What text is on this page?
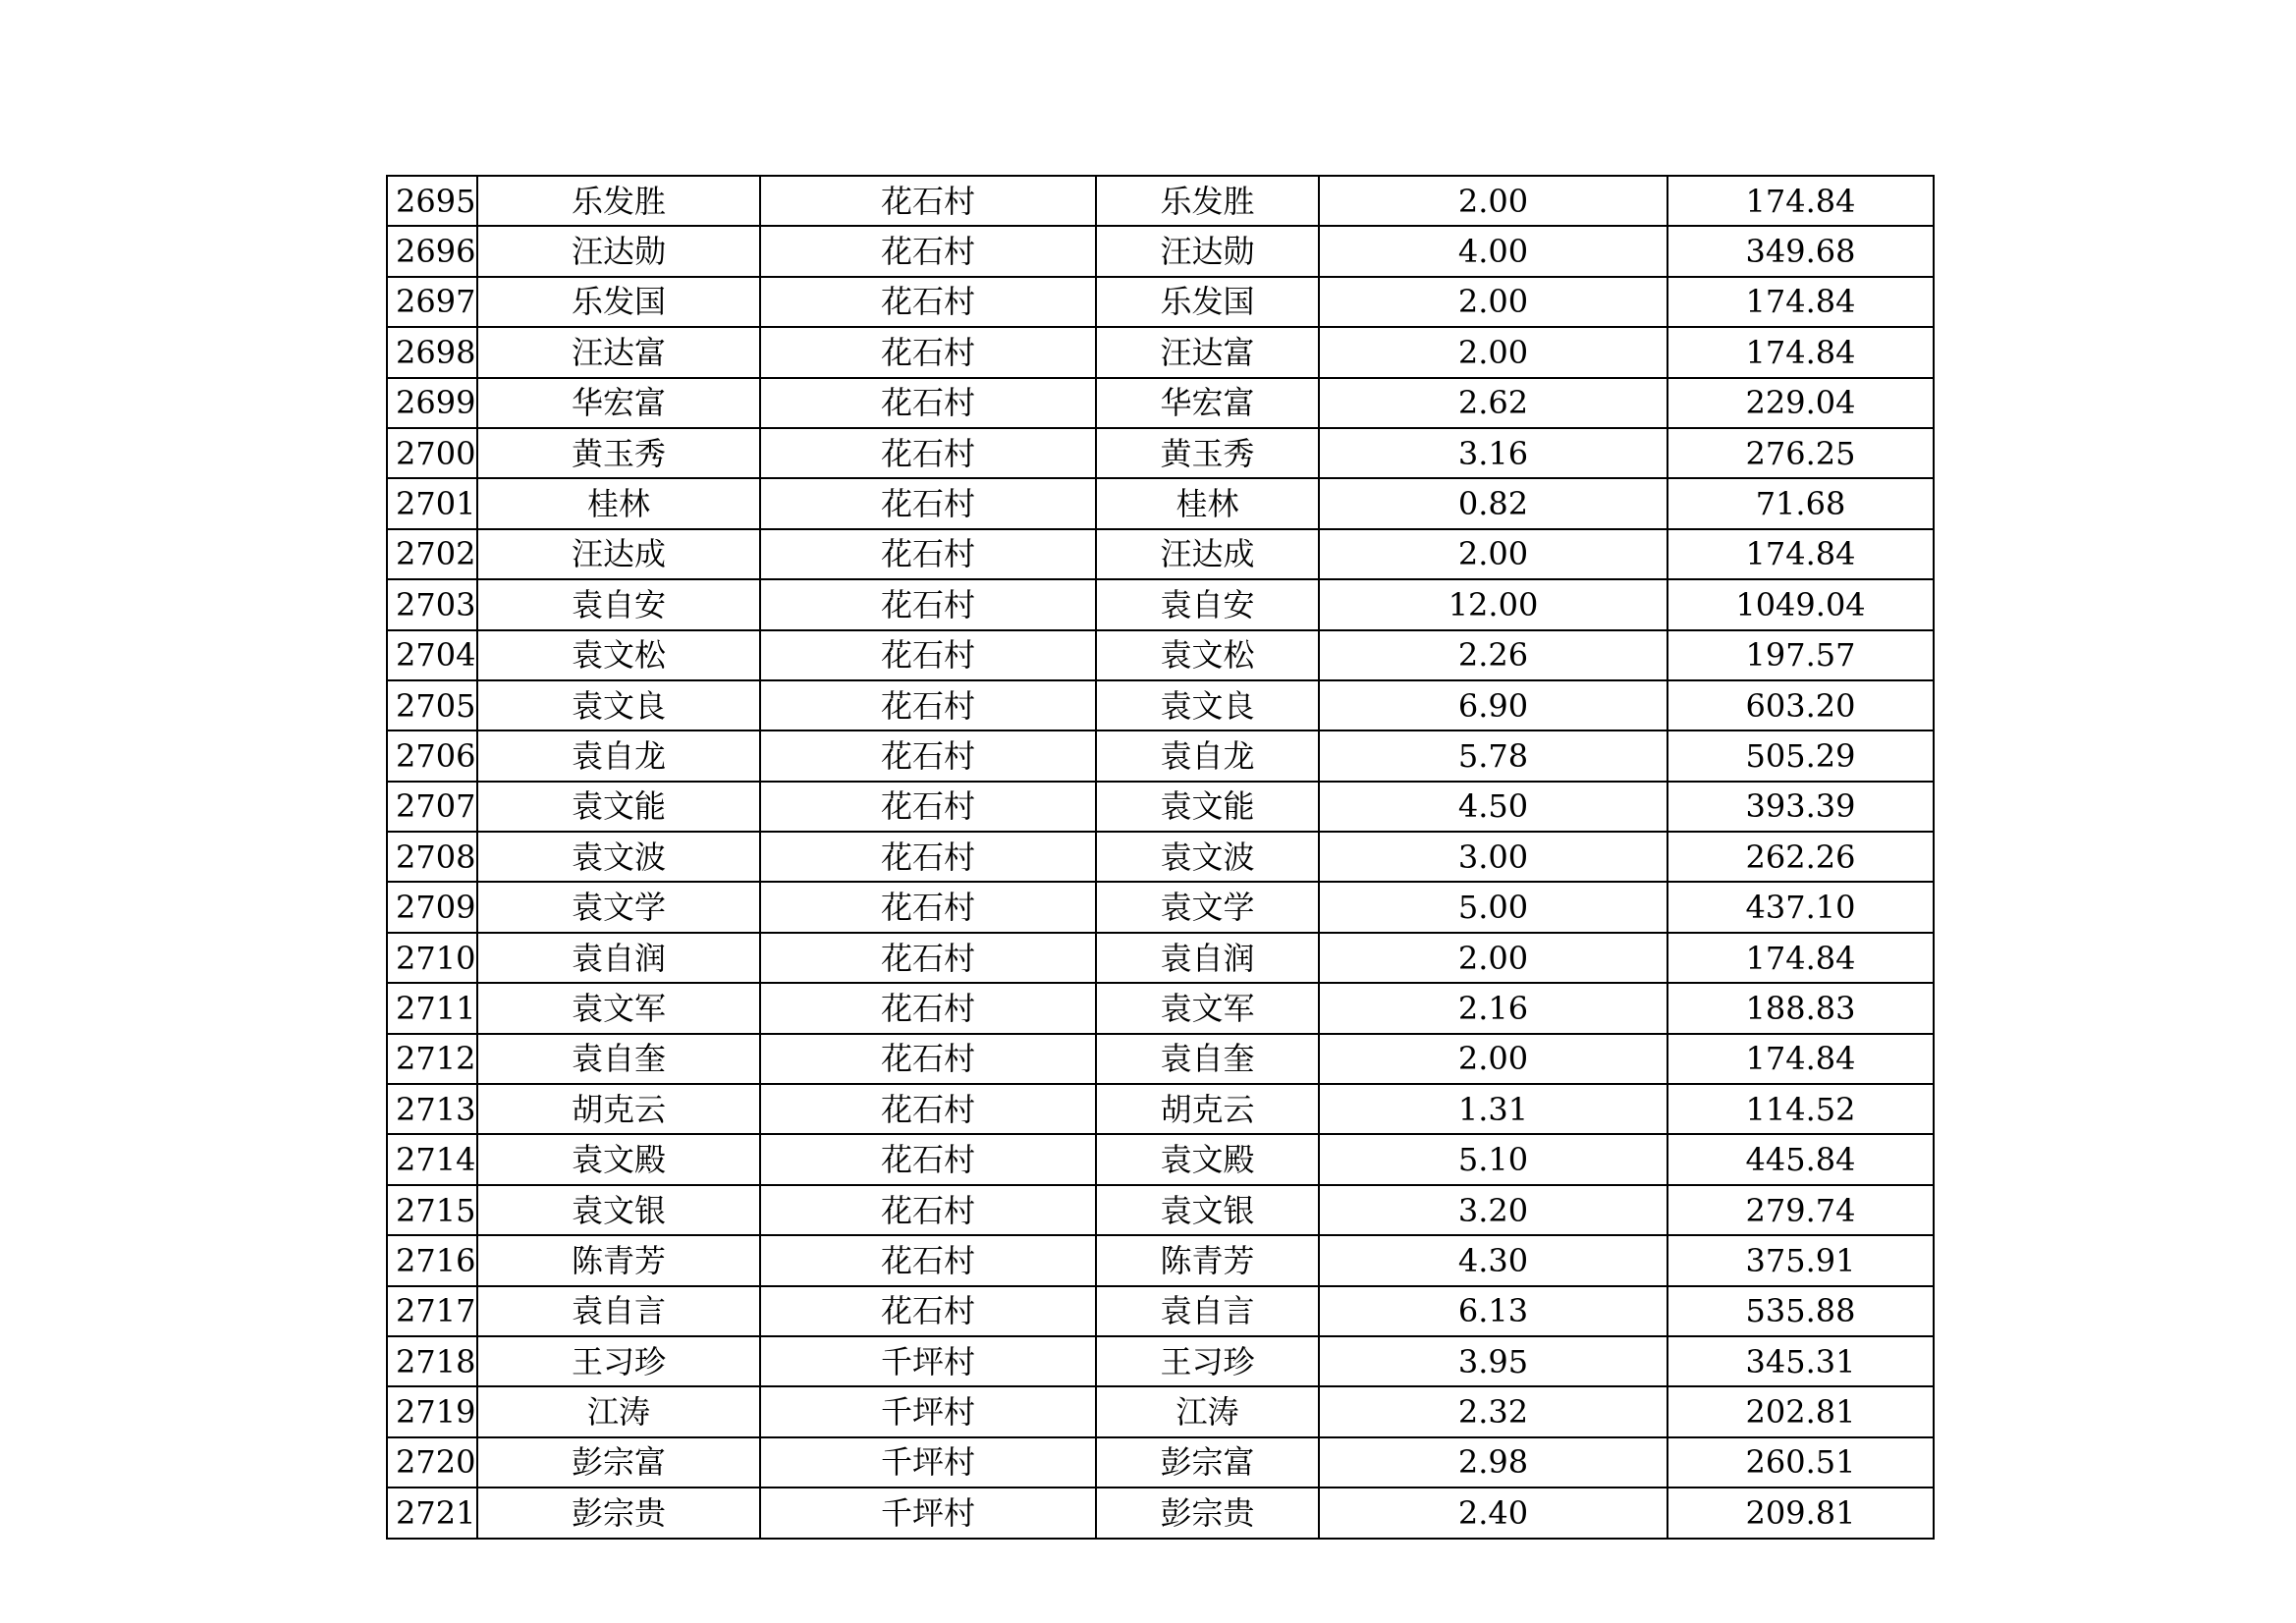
2695	乐发胜	花石村	乐发胜	2.00	174.84
2696	汪达勋	花石村	汪达勋	4.00	349.68
2697	乐发国	花石村	乐发国	2.00	174.84
2698	汪达富	花石村	汪达富	2.00	174.84
2699	华宏富	花石村	华宏富	2.62	229.04
2700	黄玉秀	花石村	黄玉秀	3.16	276.25
2701	桂林	花石村	桂林	0.82	71.68
2702	汪达成	花石村	汪达成	2.00	174.84
2703	袁自安	花石村	袁自安	12.00	1049.04
2704	袁文松	花石村	袁文松	2.26	197.57
2705	袁文良	花石村	袁文良	6.90	603.20
2706	袁自龙	花石村	袁自龙	5.78	505.29
2707	袁文能	花石村	袁文能	4.50	393.39
2708	袁文波	花石村	袁文波	3.00	262.26
2709	袁文学	花石村	袁文学	5.00	437.10
2710	袁自润	花石村	袁自润	2.00	174.84
2711	袁文军	花石村	袁文军	2.16	188.83
2712	袁自奎	花石村	袁自奎	2.00	174.84
2713	胡克云	花石村	胡克云	1.31	114.52
2714	袁文殿	花石村	袁文殿	5.10	445.84
2715	袁文银	花石村	袁文银	3.20	279.74
2716	陈青芳	花石村	陈青芳	4.30	375.91
2717	袁自言	花石村	袁自言	6.13	535.88
2718	王习珍	千坪村	王习珍	3.95	345.31
2719	江涛	千坪村	江涛	2.32	202.81
2720	彭宗富	千坪村	彭宗富	2.98	260.51
2721	彭宗贵	千坪村	彭宗贵	2.40	209.81
